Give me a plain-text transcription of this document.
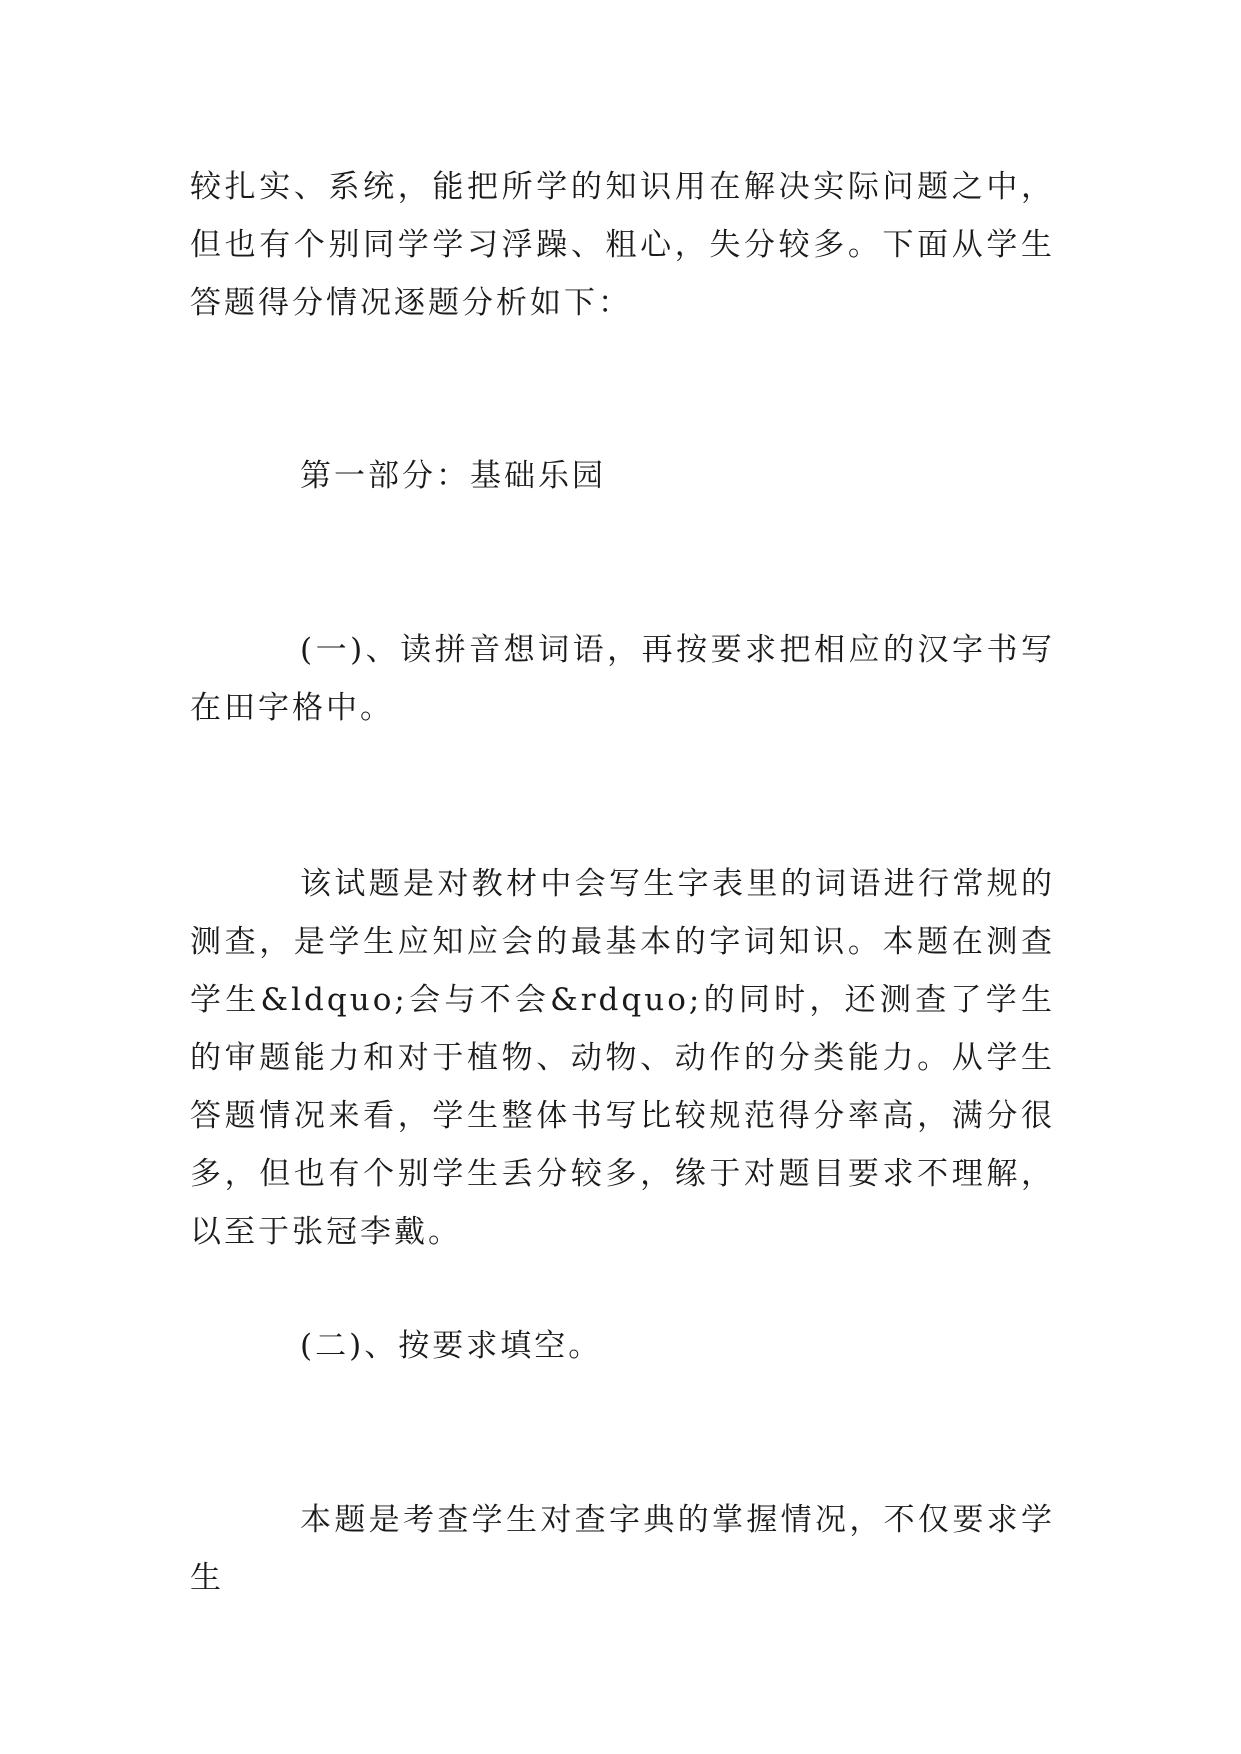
较扎实、系统，能把所学的知识用在解决实际问题之中，但也有个别同学学习浮躁、粗心，失分较多。下面从学生答题得分情况逐题分析如下：

第一部分：基础乐园

(一)、读拼音想词语，再按要求把相应的汉字书写在田字格中。

该试题是对教材中会写生字表里的词语进行常规的测查，是学生应知应会的最基本的字词知识。本题在测查学生&ldquo;会与不会&rdquo;的同时，还测查了学生的审题能力和对于植物、动物、动作的分类能力。从学生答题情况来看，学生整体书写比较规范得分率高，满分很多，但也有个别学生丢分较多，缘于对题目要求不理解，以至于张冠李戴。

(二)、按要求填空。

本题是考查学生对查字典的掌握情况，不仅要求学生
